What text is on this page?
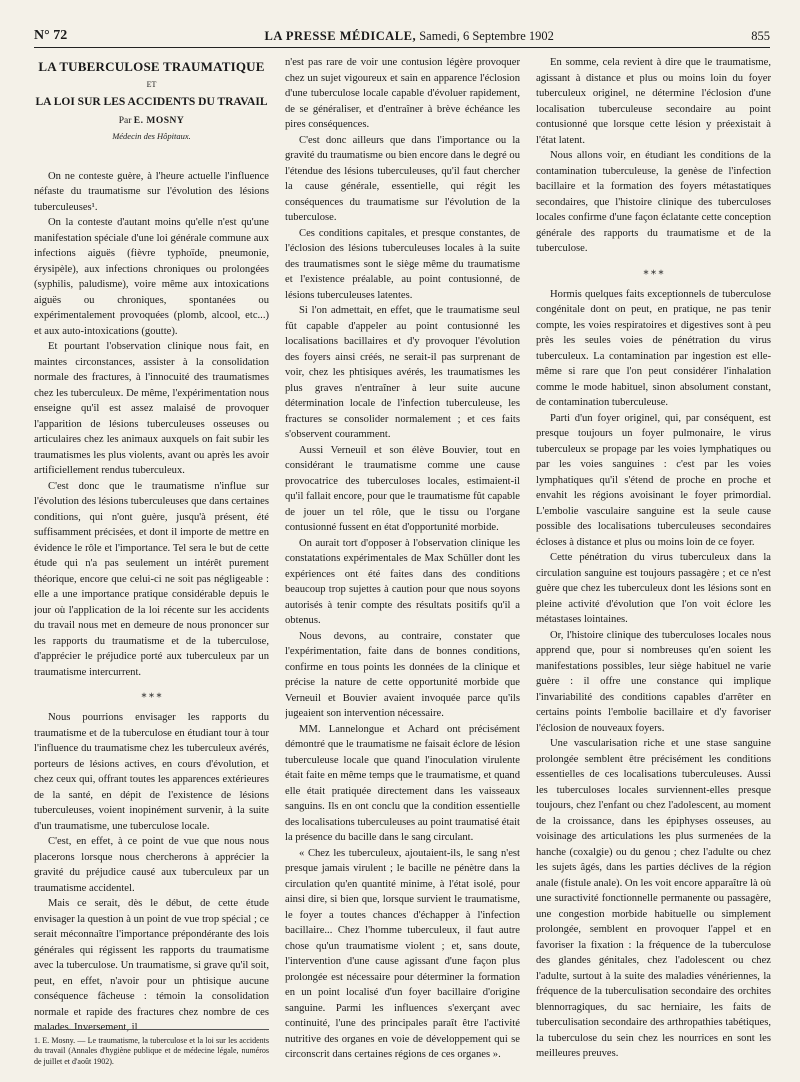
N° 72	LA PRESSE MÉDICALE, Samedi, 6 Septembre 1902	855
LA TUBERCULOSE TRAUMATIQUE
ET
LA LOI SUR LES ACCIDENTS DU TRAVAIL
Par E. MOSNY
Médecin des Hôpitaux.

On ne conteste guère, à l'heure actuelle l'influence néfaste du traumatisme sur l'évolution des lésions tuberculeuses¹.

On la conteste d'autant moins qu'elle n'est qu'une manifestation spéciale d'une loi générale commune aux infections aiguës (fièvre typhoïde, pneumonie, érysipèle), aux infections chroniques ou prolongées (syphilis, paludisme), voire même aux intoxications aiguës ou chroniques, spontanées ou expérimentalement provoquées (plomb, alcool, etc...) et aux auto-intoxications (goutte).

Et pourtant l'observation clinique nous fait, en maintes circonstances, assister à la consolidation normale des fractures, à l'innocuité des traumatismes chez les tuberculeux. De même, l'expérimentation nous enseigne qu'il est assez malaisé de provoquer l'apparition de lésions tuberculeuses osseuses ou articulaires chez les animaux auxquels on fait subir les traumatismes les plus violents, avant ou après les avoir artificiellement rendus tuberculeux.

C'est donc que le traumatisme n'influe sur l'évolution des lésions tuberculeuses que dans certaines conditions, qui n'ont guère, jusqu'à présent, été suffisamment précisées, et dont il importe de mettre en évidence le rôle et l'importance. Tel sera le but de cette étude qui n'a pas seulement un intérêt purement théorique, encore que celui-ci ne soit pas négligeable : elle a une importance pratique considérable depuis le jour où l'application de la loi récente sur les accidents du travail nous met en demeure de nous prononcer sur les rapports du traumatisme et de la tuberculose, d'apprécier le préjudice porté aux tuberculeux par un traumatisme intercurrent.

⁎ ⁎ ⁎

Nous pourrions envisager les rapports du traumatisme et de la tuberculose en étudiant tour à tour l'influence du traumatisme chez les tuberculeux avérés, porteurs de lésions actives, en cours d'évolution, et chez ceux qui, offrant toutes les apparences extérieures de la santé, en dépit de l'existence de lésions tuberculeuses, voient inopinément survenir, à la suite d'un traumatisme, une tuberculose locale.

C'est, en effet, à ce point de vue que nous nous placerons lorsque nous chercherons à apprécier la gravité du préjudice causé aux tuberculeux par un traumatisme accidentel.

Mais ce serait, dès le début, de cette étude envisager la question à un point de vue trop spécial ; ce serait méconnaître l'importance prépondérante des lois générales qui régissent les rapports du traumatisme avec la tuberculose. Un traumatisme, si grave qu'il soit, peut, en effet, n'avoir pour un phtisique aucune conséquence fâcheuse : témoin la consolidation normale et rapide des fractures chez nombre de ces malades. Inversement, il

1. E. Mosny. — Le traumatisme, la tuberculose et la loi sur les accidents du travail (Annales d'hygiène publique et de médecine légale, numéros de juillet et d'août 1902).

n'est pas rare de voir une contusion légère provoquer chez un sujet vigoureux et sain en apparence l'éclosion d'une tuberculose locale capable d'évoluer rapidement, de se généraliser, et d'entraîner à brève échéance les pires conséquences.

C'est donc ailleurs que dans l'importance ou la gravité du traumatisme ou bien encore dans le degré ou l'étendue des lésions tuberculeuses, qu'il faut chercher la cause générale, essentielle, qui régit les conséquences du traumatisme sur l'évolution de la tuberculose.

Ces conditions capitales, et presque constantes, de l'éclosion des lésions tuberculeuses locales à la suite des traumatismes sont le siège même du traumatisme et l'existence préalable, au point contusionné, de lésions tuberculeuses latentes.

Si l'on admettait, en effet, que le traumatisme seul fût capable d'appeler au point contusionné les localisations bacillaires et d'y provoquer l'évolution des foyers ainsi créés, ne serait-il pas surprenant de voir, chez les phtisiques avérés, les traumatismes les plus graves n'entraîner à leur suite aucune détermination locale de l'infection tuberculeuse, les fractures se consolider normalement ; et ces faits s'observent couramment.

Aussi Verneuil et son élève Bouvier, tout en considérant le traumatisme comme une cause provocatrice des tuberculoses locales, estimaient-il qu'il fallait encore, pour que le traumatisme fût capable de jouer un tel rôle, que le tissu ou l'organe contusionné fussent en état d'opportunité morbide.

On aurait tort d'opposer à l'observation clinique les constatations expérimentales de Max Schüller dont les expériences ont été faites dans des conditions beaucoup trop sujettes à caution pour que nous soyons autorisés à tenir compte des résultats positifs qu'il a obtenus.

Nous devons, au contraire, constater que l'expérimentation, faite dans de bonnes conditions, confirme en tous points les données de la clinique et précise la nature de cette opportunité morbide que Verneuil et Bouvier avaient invoquée parce qu'ils jugeaient son intervention nécessaire.

MM. Lannelongue et Achard ont précisément démontré que le traumatisme ne faisait éclore de lésion tuberculeuse locale que quand l'inoculation virulente était faite en même temps que le traumatisme, et quand elle était pratiquée directement dans les vaisseaux sanguins. Ils en ont conclu que la condition essentielle des localisations tuberculeuses au point traumatisé était la présence du bacille dans le sang circulant.

« Chez les tuberculeux, ajoutaient-ils, le sang n'est presque jamais virulent ; le bacille ne pénètre dans la circulation qu'en quantité minime, à l'état isolé, pour ainsi dire, si bien que, lorsque survient le traumatisme, le foyer a toutes chances d'échapper à l'infection bacillaire... Chez l'homme tuberculeux, il faut autre chose qu'un traumatisme violent ; et, sans doute, l'intervention d'une cause agissant d'une façon plus prolongée est nécessaire pour déterminer la formation en un point localisé d'un foyer bacillaire d'origine sanguine. Parmi les influences s'exerçant avec continuité, l'une des principales paraît être l'activité nutritive des organes en voie de développement qui se circonscrit dans certaines régions de ces organes ».

En somme, cela revient à dire que le traumatisme, agissant à distance et plus ou moins loin du foyer tuberculeux originel, ne détermine l'éclosion d'une localisation tuberculeuse secondaire au point contusionné que lorsque cette lésion y préexistait à l'état latent.

Nous allons voir, en étudiant les conditions de la contamination tuberculeuse, la genèse de l'infection bacillaire et la formation des foyers métastatiques secondaires, que l'histoire clinique des tuberculoses locales confirme d'une façon éclatante cette conception générale des rapports du traumatisme et de la tuberculose.

⁎ ⁎ ⁎

Hormis quelques faits exceptionnels de tuberculose congénitale dont on peut, en pratique, ne pas tenir compte, les voies respiratoires et digestives sont à peu près les seules voies de pénétration du virus tuberculeux. La contamination par ingestion est elle-même si rare que l'on peut considérer l'inhalation comme le mode habituel, sinon absolument constant, de contamination tuberculeuse.

Parti d'un foyer originel, qui, par conséquent, est presque toujours un foyer pulmonaire, le virus tuberculeux se propage par les voies lymphatiques ou par les voies sanguines : c'est par les voies lymphatiques qu'il s'étend de proche en proche et envahit les régions avoisinant le foyer primordial. L'embolie vasculaire sanguine est la seule cause possible des localisations tuberculeuses secondaires écloses à distance et plus ou moins loin de ce foyer.

Cette pénétration du virus tuberculeux dans la circulation sanguine est toujours passagère ; et ce n'est guère que chez les tuberculeux dont les lésions sont en pleine activité d'évolution que l'on voit éclore les métastases lointaines.

Or, l'histoire clinique des tuberculoses locales nous apprend que, pour si nombreuses qu'en soient les manifestations possibles, leur siège habituel ne varie guère : il offre une constance qui implique l'invariabilité des conditions capables d'arrêter en certains points l'embolie bacillaire et d'y favoriser l'éclosion de nouveaux foyers.

Une vascularisation riche et une stase sanguine prolongée semblent être précisément les conditions essentielles de ces localisations tuberculeuses. Aussi les tuberculoses locales surviennent-elles presque toujours, chez l'enfant ou chez l'adolescent, au moment de la croissance, dans les épiphyses osseuses, au voisinage des articulations les plus surmenées de la hanche (coxalgie) ou du genou ; chez l'adulte ou chez les sujets âgés, dans les parties déclives de la région anale (fistule anale). On les voit encore apparaître là où une suractivité fonctionnelle permanente ou passagère, une congestion morbide habituelle ou simplement prolongée, semblent en provoquer l'appel et en favoriser la fixation : la fréquence de la tuberculose des glandes génitales, chez l'adolescent ou chez l'adulte, surtout à la suite des maladies vénériennes, la fréquence de la tuberculisation secondaire des orchites blennorragiques, du sac herniaire, les faits de tuberculisation secondaire des arthropathies tabétiques, la tuberculose du sein chez les nourrices en sont les meilleures preuves.
